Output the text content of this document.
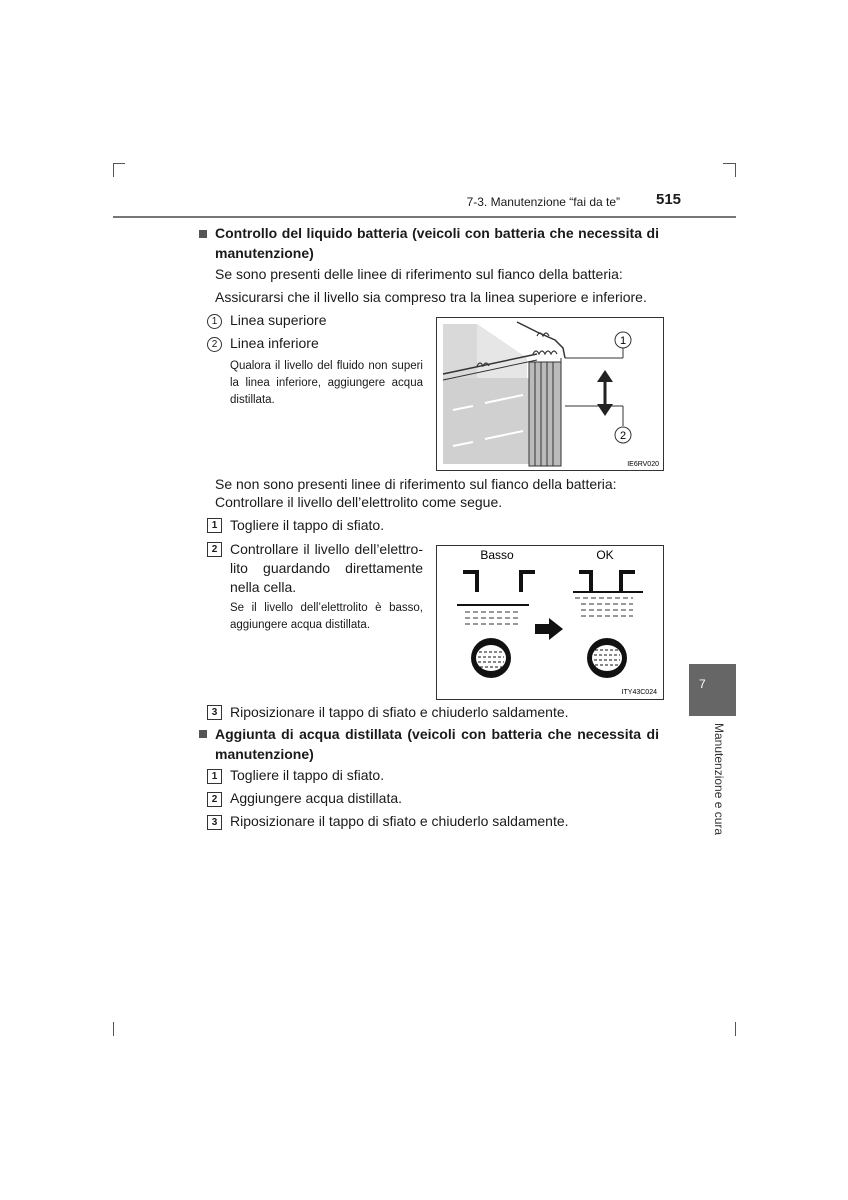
7-3. Manutenzione “fai da te” 515
Controllo del liquido batteria (veicoli con batteria che necessita di manutenzione)
Se sono presenti delle linee di riferimento sul fianco della batteria:
Assicurarsi che il livello sia compreso tra la linea superiore e inferiore.
1 Linea superiore
2 Linea inferiore
Qualora il livello del fluido non superi la linea inferiore, aggiungere acqua distillata.
1
2
IE6RV020
Se non sono presenti linee di riferimento sul fianco della batteria:
Controllare il livello dell’elettrolito come segue.
1 Togliere il tappo di sfiato.
2 Controllare il livello dell’elettro-
lito guardando direttamente
nella cella.
Se il livello dell’elettrolito è basso, aggiungere acqua distillata.
Basso	OK
ITY43C024
3 Riposizionare il tappo di sfiato e chiuderlo saldamente.
Aggiunta di acqua distillata (veicoli con batteria che necessita di manutenzione)
1 Togliere il tappo di sfiato.
2 Aggiungere acqua distillata.
3 Riposizionare il tappo di sfiato e chiuderlo saldamente.
7
Manutenzione e cura
